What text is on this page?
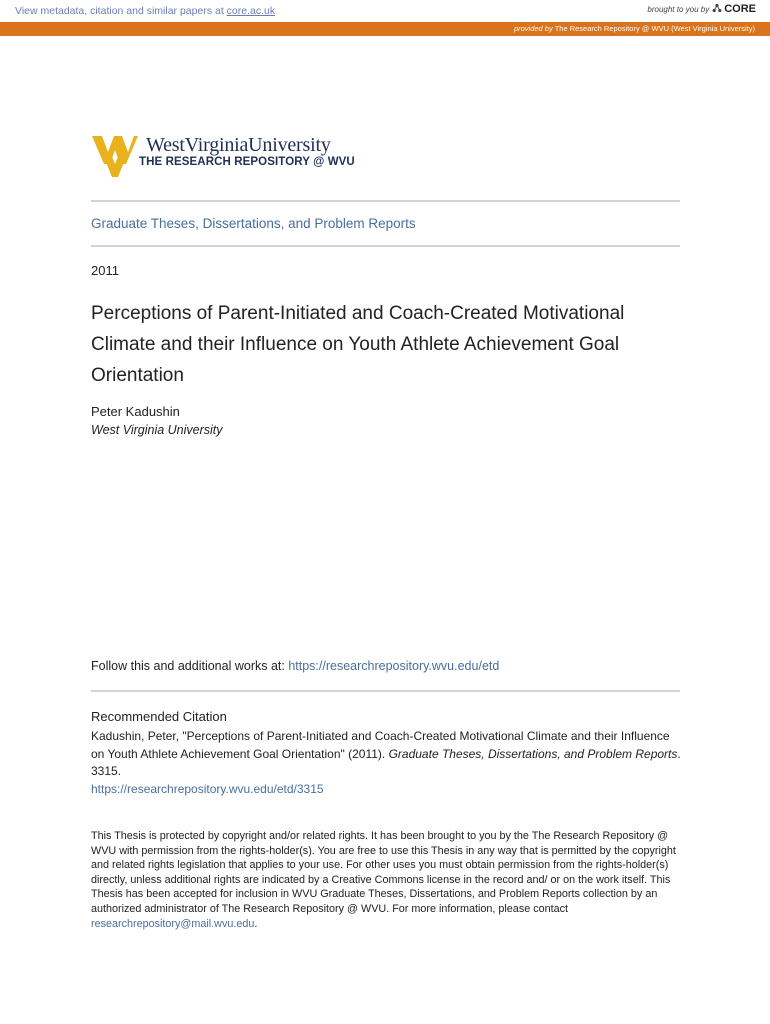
View metadata, citation and similar papers at core.ac.uk	brought to you by CORE
provided by The Research Repository @ WVU (West Virginia University)
WestVirginiaUniversity
THE RESEARCH REPOSITORY @ WVU
Graduate Theses, Dissertations, and Problem Reports
2011
Perceptions of Parent-Initiated and Coach-Created Motivational Climate and their Influence on Youth Athlete Achievement Goal Orientation
Peter Kadushin
West Virginia University
Follow this and additional works at: https://researchrepository.wvu.edu/etd
Recommended Citation
Kadushin, Peter, "Perceptions of Parent-Initiated and Coach-Created Motivational Climate and their Influence on Youth Athlete Achievement Goal Orientation" (2011). Graduate Theses, Dissertations, and Problem Reports. 3315.
https://researchrepository.wvu.edu/etd/3315
This Thesis is protected by copyright and/or related rights. It has been brought to you by the The Research Repository @ WVU with permission from the rights-holder(s). You are free to use this Thesis in any way that is permitted by the copyright and related rights legislation that applies to your use. For other uses you must obtain permission from the rights-holder(s) directly, unless additional rights are indicated by a Creative Commons license in the record and/ or on the work itself. This Thesis has been accepted for inclusion in WVU Graduate Theses, Dissertations, and Problem Reports collection by an authorized administrator of The Research Repository @ WVU. For more information, please contact researchrepository@mail.wvu.edu.
